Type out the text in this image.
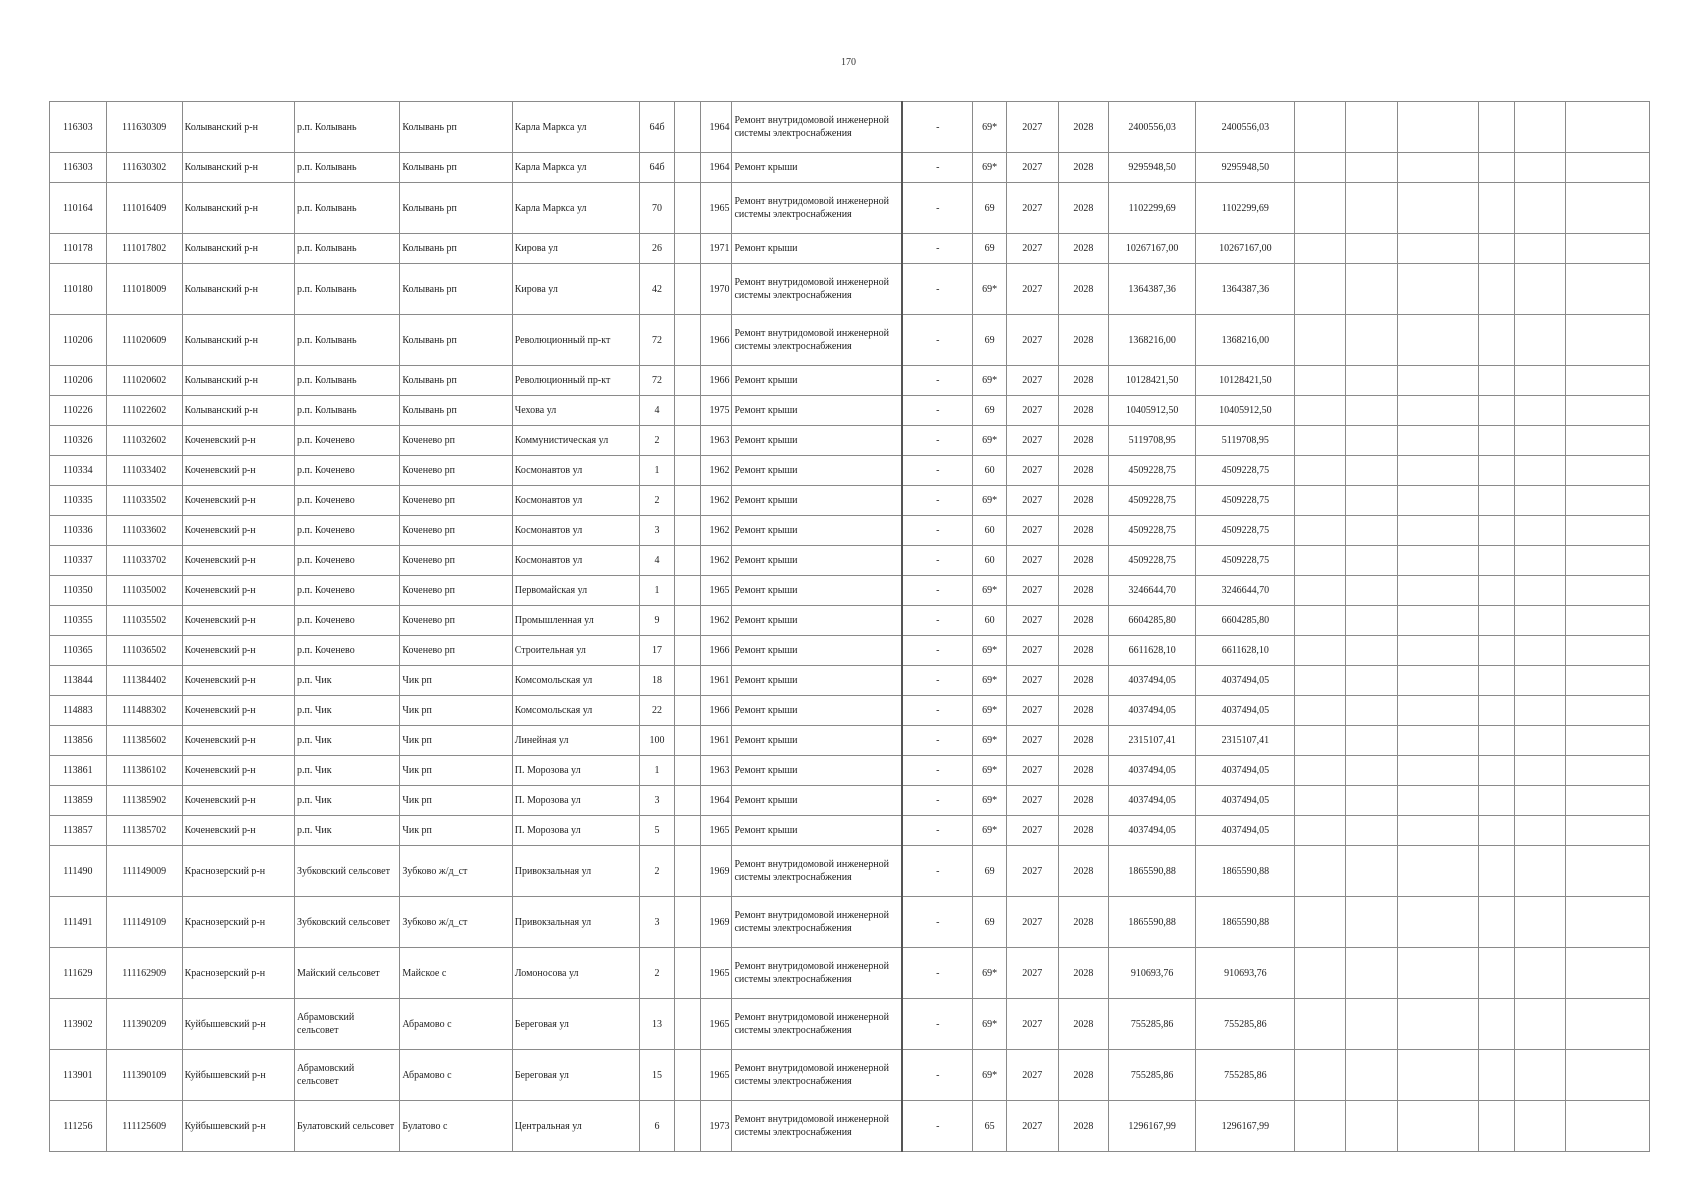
170
116303	111630309	Колыванский р-н	р.п. Колывань	Колывань рп	Карла Маркса ул	64б		1964	Ремонт внутридомовой инженерной системы электроснабжения	-	69*	2027	2028	2400556,03	2400556,03						
116303	111630302	Колыванский р-н	р.п. Колывань	Колывань рп	Карла Маркса ул	64б		1964	Ремонт крыши	-	69*	2027	2028	9295948,50	9295948,50						
110164	111016409	Колыванский р-н	р.п. Колывань	Колывань рп	Карла Маркса ул	70		1965	Ремонт внутридомовой инженерной системы электроснабжения	-	69	2027	2028	1102299,69	1102299,69						
110178	111017802	Колыванский р-н	р.п. Колывань	Колывань рп	Кирова ул	26		1971	Ремонт крыши	-	69	2027	2028	10267167,00	10267167,00						
110180	111018009	Колыванский р-н	р.п. Колывань	Колывань рп	Кирова ул	42		1970	Ремонт внутридомовой инженерной системы электроснабжения	-	69*	2027	2028	1364387,36	1364387,36						
110206	111020609	Колыванский р-н	р.п. Колывань	Колывань рп	Революционный пр-кт	72		1966	Ремонт внутридомовой инженерной системы электроснабжения	-	69	2027	2028	1368216,00	1368216,00						
110206	111020602	Колыванский р-н	р.п. Колывань	Колывань рп	Революционный пр-кт	72		1966	Ремонт крыши	-	69*	2027	2028	10128421,50	10128421,50						
110226	111022602	Колыванский р-н	р.п. Колывань	Колывань рп	Чехова ул	4		1975	Ремонт крыши	-	69	2027	2028	10405912,50	10405912,50						
110326	111032602	Коченевский р-н	р.п. Коченево	Коченево рп	Коммунистическая ул	2		1963	Ремонт крыши	-	69*	2027	2028	5119708,95	5119708,95						
110334	111033402	Коченевский р-н	р.п. Коченево	Коченево рп	Космонавтов ул	1		1962	Ремонт крыши	-	60	2027	2028	4509228,75	4509228,75						
110335	111033502	Коченевский р-н	р.п. Коченево	Коченево рп	Космонавтов ул	2		1962	Ремонт крыши	-	69*	2027	2028	4509228,75	4509228,75						
110336	111033602	Коченевский р-н	р.п. Коченево	Коченево рп	Космонавтов ул	3		1962	Ремонт крыши	-	60	2027	2028	4509228,75	4509228,75						
110337	111033702	Коченевский р-н	р.п. Коченево	Коченево рп	Космонавтов ул	4		1962	Ремонт крыши	-	60	2027	2028	4509228,75	4509228,75						
110350	111035002	Коченевский р-н	р.п. Коченево	Коченево рп	Первомайская ул	1		1965	Ремонт крыши	-	69*	2027	2028	3246644,70	3246644,70						
110355	111035502	Коченевский р-н	р.п. Коченево	Коченево рп	Промышленная ул	9		1962	Ремонт крыши	-	60	2027	2028	6604285,80	6604285,80						
110365	111036502	Коченевский р-н	р.п. Коченево	Коченево рп	Строительная ул	17		1966	Ремонт крыши	-	69*	2027	2028	6611628,10	6611628,10						
113844	111384402	Коченевский р-н	р.п. Чик	Чик рп	Комсомольская ул	18		1961	Ремонт крыши	-	69*	2027	2028	4037494,05	4037494,05						
114883	111488302	Коченевский р-н	р.п. Чик	Чик рп	Комсомольская ул	22		1966	Ремонт крыши	-	69*	2027	2028	4037494,05	4037494,05						
113856	111385602	Коченевский р-н	р.п. Чик	Чик рп	Линейная ул	100		1961	Ремонт крыши	-	69*	2027	2028	2315107,41	2315107,41						
113861	111386102	Коченевский р-н	р.п. Чик	Чик рп	П. Морозова ул	1		1963	Ремонт крыши	-	69*	2027	2028	4037494,05	4037494,05						
113859	111385902	Коченевский р-н	р.п. Чик	Чик рп	П. Морозова ул	3		1964	Ремонт крыши	-	69*	2027	2028	4037494,05	4037494,05						
113857	111385702	Коченевский р-н	р.п. Чик	Чик рп	П. Морозова ул	5		1965	Ремонт крыши	-	69*	2027	2028	4037494,05	4037494,05						
111490	111149009	Краснозерский р-н	Зубковский сельсовет	Зубково ж/д_ст	Привокзальная ул	2		1969	Ремонт внутридомовой инженерной системы электроснабжения	-	69	2027	2028	1865590,88	1865590,88						
111491	111149109	Краснозерский р-н	Зубковский сельсовет	Зубково ж/д_ст	Привокзальная ул	3		1969	Ремонт внутридомовой инженерной системы электроснабжения	-	69	2027	2028	1865590,88	1865590,88						
111629	111162909	Краснозерский р-н	Майский сельсовет	Майское с	Ломоносова ул	2		1965	Ремонт внутридомовой инженерной системы электроснабжения	-	69*	2027	2028	910693,76	910693,76						
113902	111390209	Куйбышевский р-н	Абрамовский сельсовет	Абрамово с	Береговая ул	13		1965	Ремонт внутридомовой инженерной системы электроснабжения	-	69*	2027	2028	755285,86	755285,86						
113901	111390109	Куйбышевский р-н	Абрамовский сельсовет	Абрамово с	Береговая ул	15		1965	Ремонт внутридомовой инженерной системы электроснабжения	-	69*	2027	2028	755285,86	755285,86						
111256	111125609	Куйбышевский р-н	Булатовский сельсовет	Булатово с	Центральная ул	6		1973	Ремонт внутридомовой инженерной системы электроснабжения	-	65	2027	2028	1296167,99	1296167,99						
